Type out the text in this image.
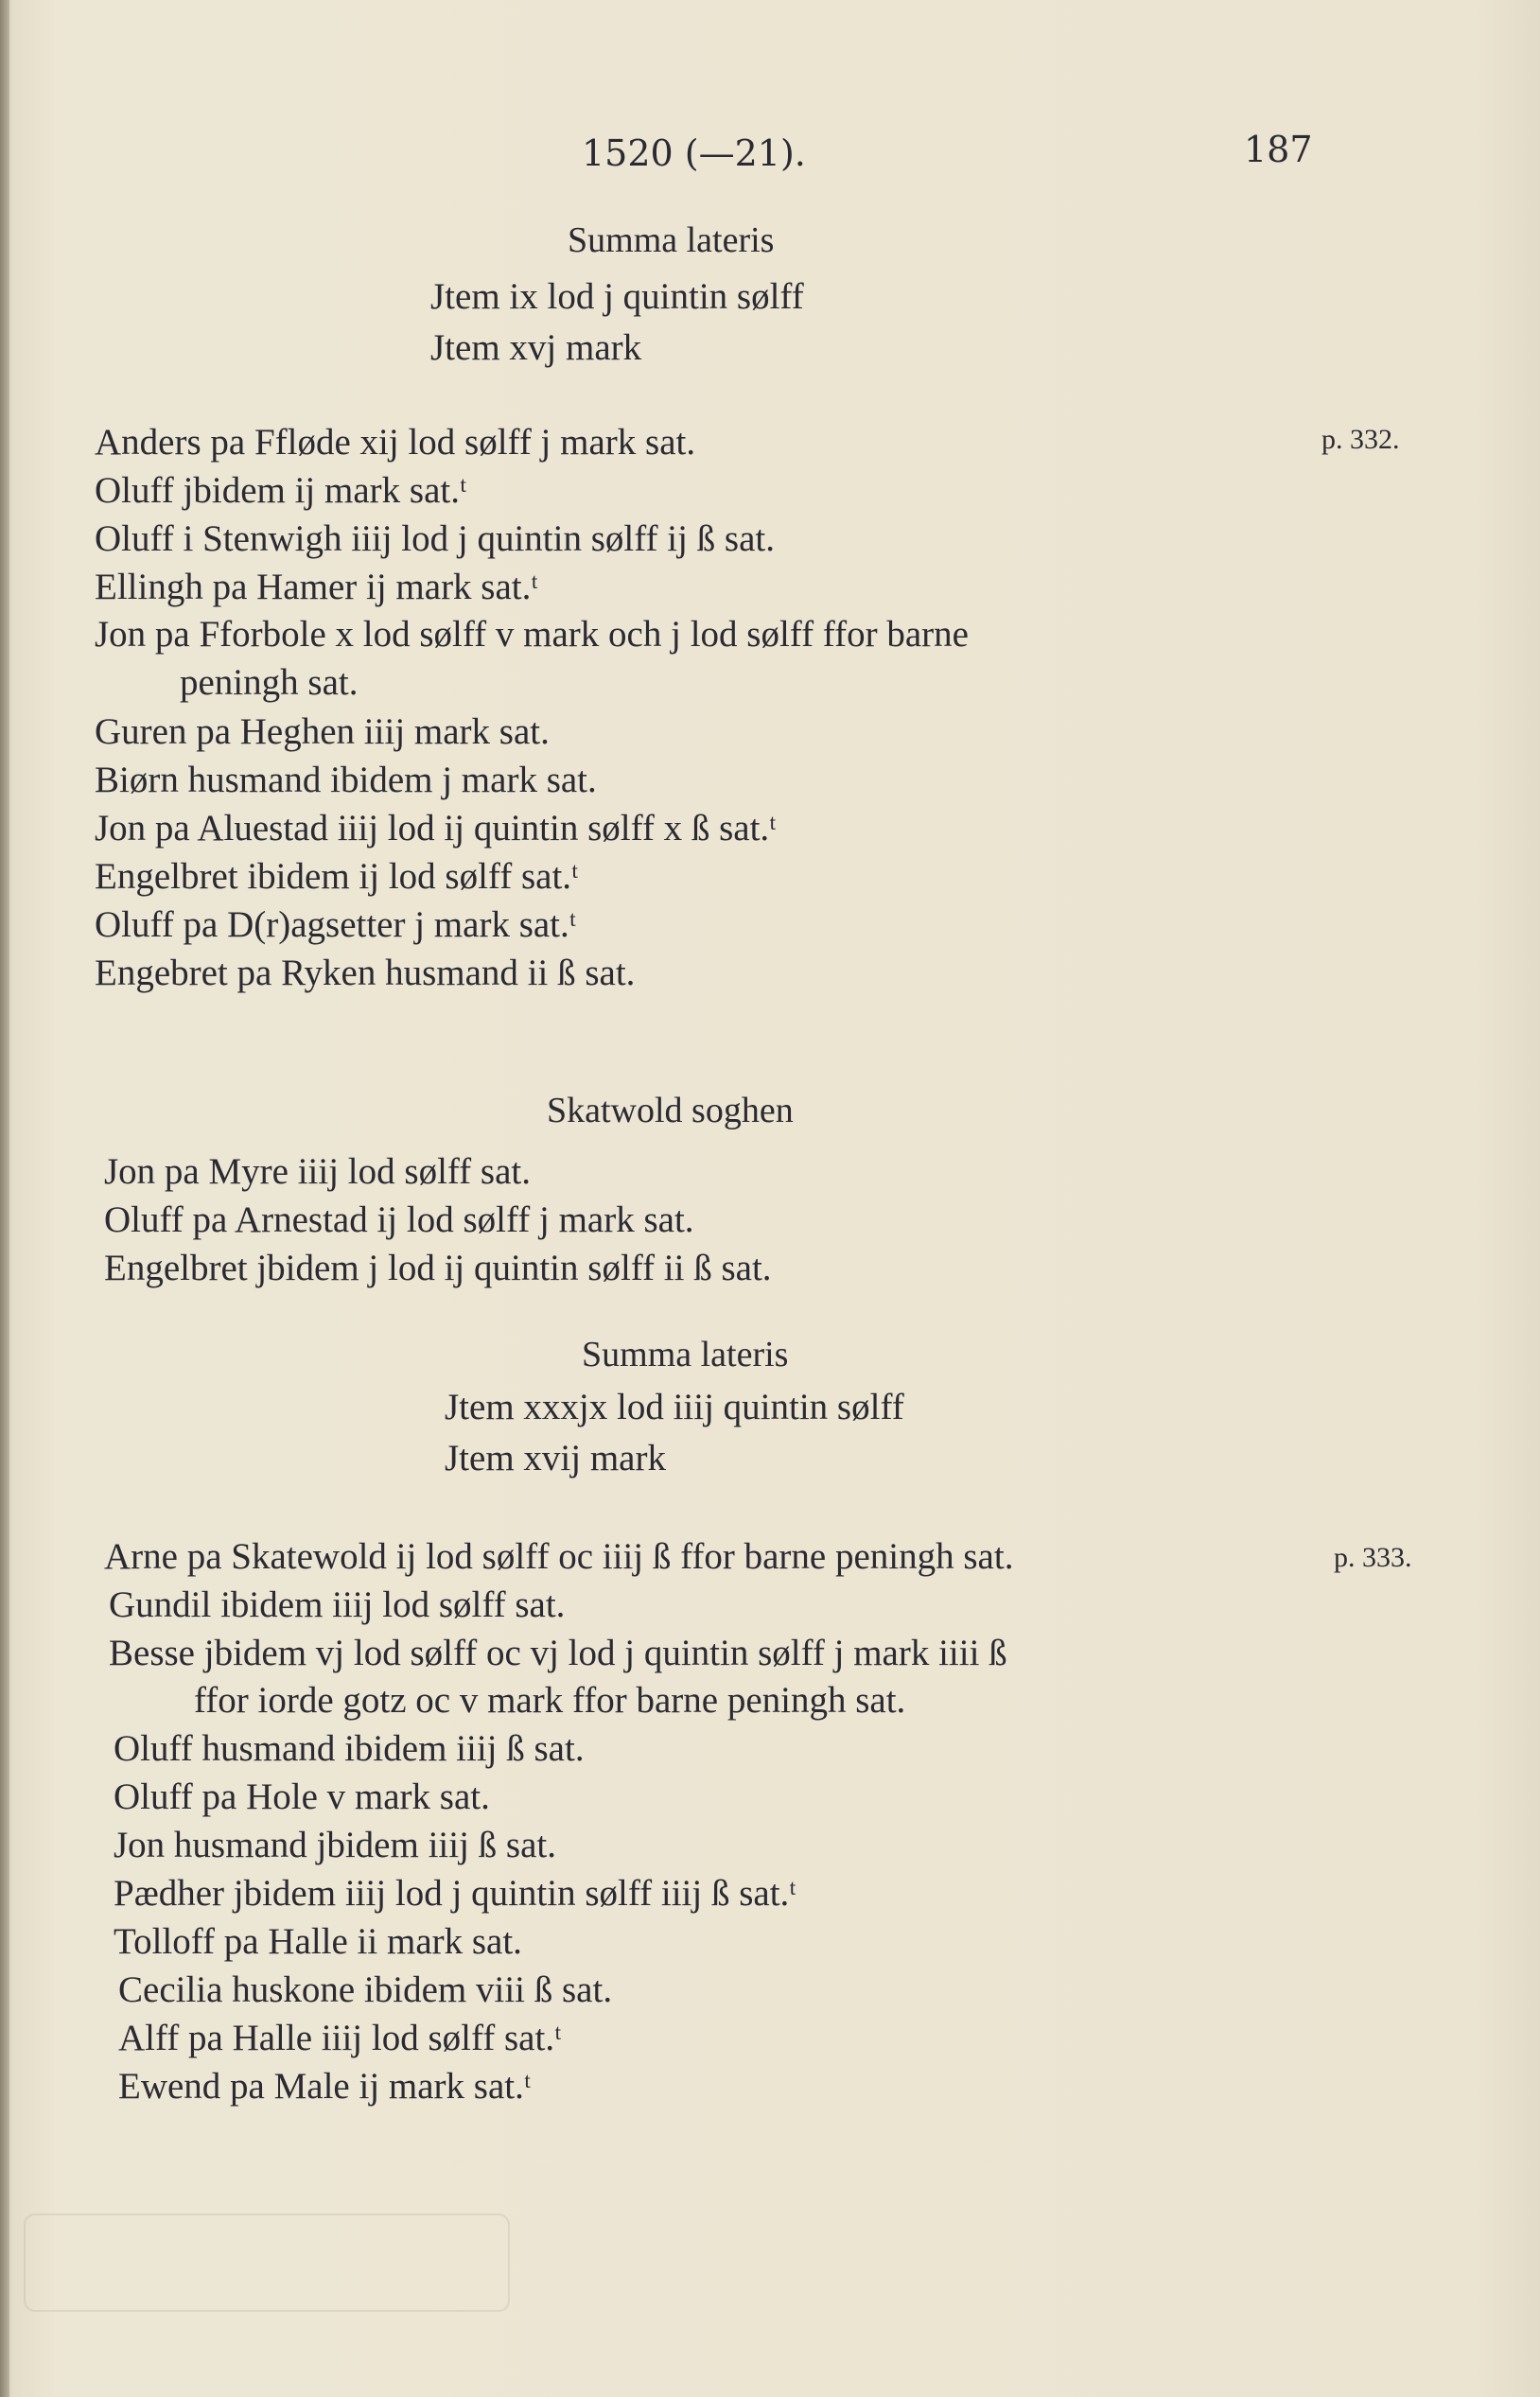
1520 (—21).	187
Summa lateris
Jtem ix lod j quintin sølff
Jtem xvj mark
Anders pa Ffløde xij lod sølff j mark sat.	p. 332.
Oluff jbidem ij mark sat.ᵗ
Oluff i Stenwigh iiij lod j quintin sølff ij ß sat.
Ellingh pa Hamer ij mark sat.ᵗ
Jon pa Fforbole x lod sølff v mark och j lod sølff ffor barne
peningh sat.
Guren pa Heghen iiij mark sat.
Biørn husmand ibidem j mark sat.
Jon pa Aluestad iiij lod ij quintin sølff x ß sat.ᵗ
Engelbret ibidem ij lod sølff sat.ᵗ
Oluff pa D(r)agsetter j mark sat.ᵗ
Engebret pa Ryken husmand ii ß sat.
Skatwold soghen
Jon pa Myre iiij lod sølff sat.
Oluff pa Arnestad ij lod sølff j mark sat.
Engelbret jbidem j lod ij quintin sølff ii ß sat.
Summa lateris
Jtem xxxjx lod iiij quintin sølff
Jtem xvij mark
Arne pa Skatewold ij lod sølff oc iiij ß ffor barne peningh sat.	p. 333.
Gundil ibidem iiij lod sølff sat.
Besse jbidem vj lod sølff oc vj lod j quintin sølff j mark iiii ß
ffor iorde gotz oc v mark ffor barne peningh sat.
Oluff husmand ibidem iiij ß sat.
Oluff pa Hole v mark sat.
Jon husmand jbidem iiij ß sat.
Pædher jbidem iiij lod j quintin sølff iiij ß sat.ᵗ
Tolloff pa Halle ii mark sat.
Cecilia huskone ibidem viii ß sat.
Alff pa Halle iiij lod sølff sat.ᵗ
Ewend pa Male ij mark sat.ᵗ
